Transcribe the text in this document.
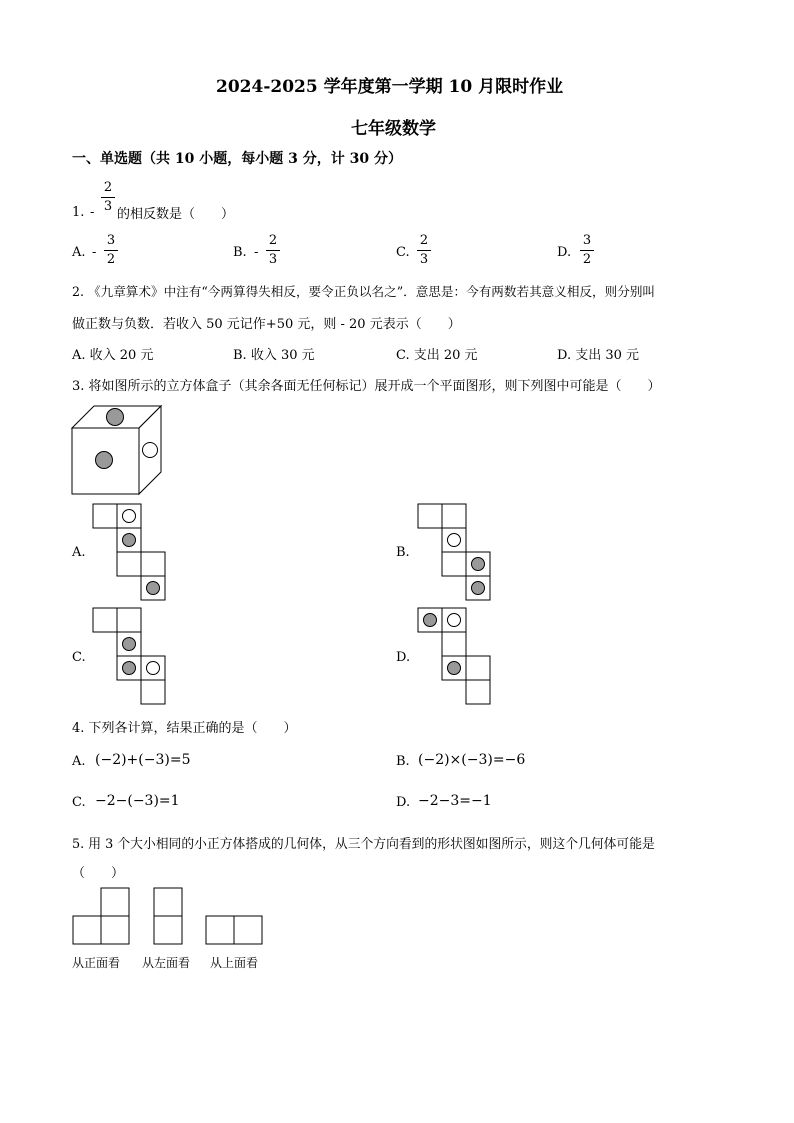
2024-2025 学年度第一学期 10 月限时作业
七年级数学
一、单选题（共 10 小题，每小题 3 分，计 30 分）
1. -
2
3
的相反数是（　　）
A. -
3
2	B. -
2
3	C.
2
3	D.
3
2
2. 《九章算术》中注有“今两算得失相反，要令正负以名之”．意思是：今有两数若其意义相反，则分别叫
做正数与负数．若收入 50 元记作+50 元，则 - 20 元表示（　　）
A. 收入 20 元	B. 收入 30 元	C. 支出 20 元	D. 支出 30 元
3. 将如图所示的立方体盒子（其余各面无任何标记）展开成一个平面图形，则下列图中可能是（　　）
A.	B.
C.	D.
4. 下列各计算，结果正确的是（　　）
A. (−2)+(−3)=5	B. (−2)×(−3)=−6
C. −2−(−3)=1	D. −2−3=−1
5. 用 3 个大小相同的小正方体搭成的几何体，从三个方向看到的形状图如图所示，则这个几何体可能是
（　　）
从正面看 从左面看 从上面看
